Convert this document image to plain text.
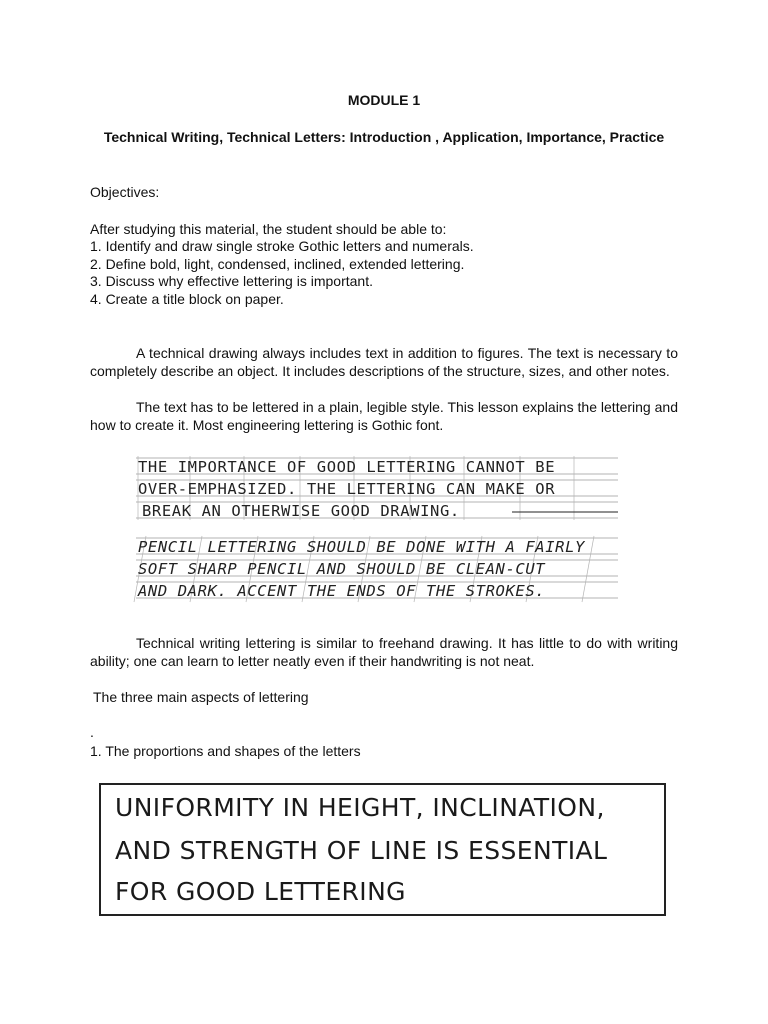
MODULE 1
Technical Writing, Technical Letters: Introduction , Application, Importance, Practice
Objectives:
After studying this material, the student should be able to:
1. Identify and draw single stroke Gothic letters and numerals.
2. Define bold, light, condensed, inclined, extended lettering.
3. Discuss why effective lettering is important.
4. Create a title block on paper.
A technical drawing always includes text in addition to figures. The text is necessary to completely describe an object. It includes descriptions of the structure, sizes, and other notes.
The text has to be lettered in a plain, legible style. This lesson explains the lettering and how to create it. Most engineering lettering is Gothic font.
THE IMPORTANCE OF GOOD LETTERING CANNOT BE
OVER-EMPHASIZED. THE LETTERING CAN MAKE OR
BREAK AN OTHERWISE GOOD DRAWING.
PENCIL LETTERING SHOULD BE DONE WITH A FAIRLY
SOFT SHARP PENCIL AND SHOULD BE CLEAN-CUT
AND DARK. ACCENT THE ENDS OF THE STROKES.
Technical writing lettering is similar to freehand drawing. It has little to do with writing ability; one can learn to letter neatly even if their handwriting is not neat.
The three main aspects of lettering
.
1. The proportions and shapes of the letters
UNIFORMITY IN HEIGHT, INCLINATION,
AND STRENGTH OF LINE IS ESSENTIAL
FOR GOOD LETTERING
